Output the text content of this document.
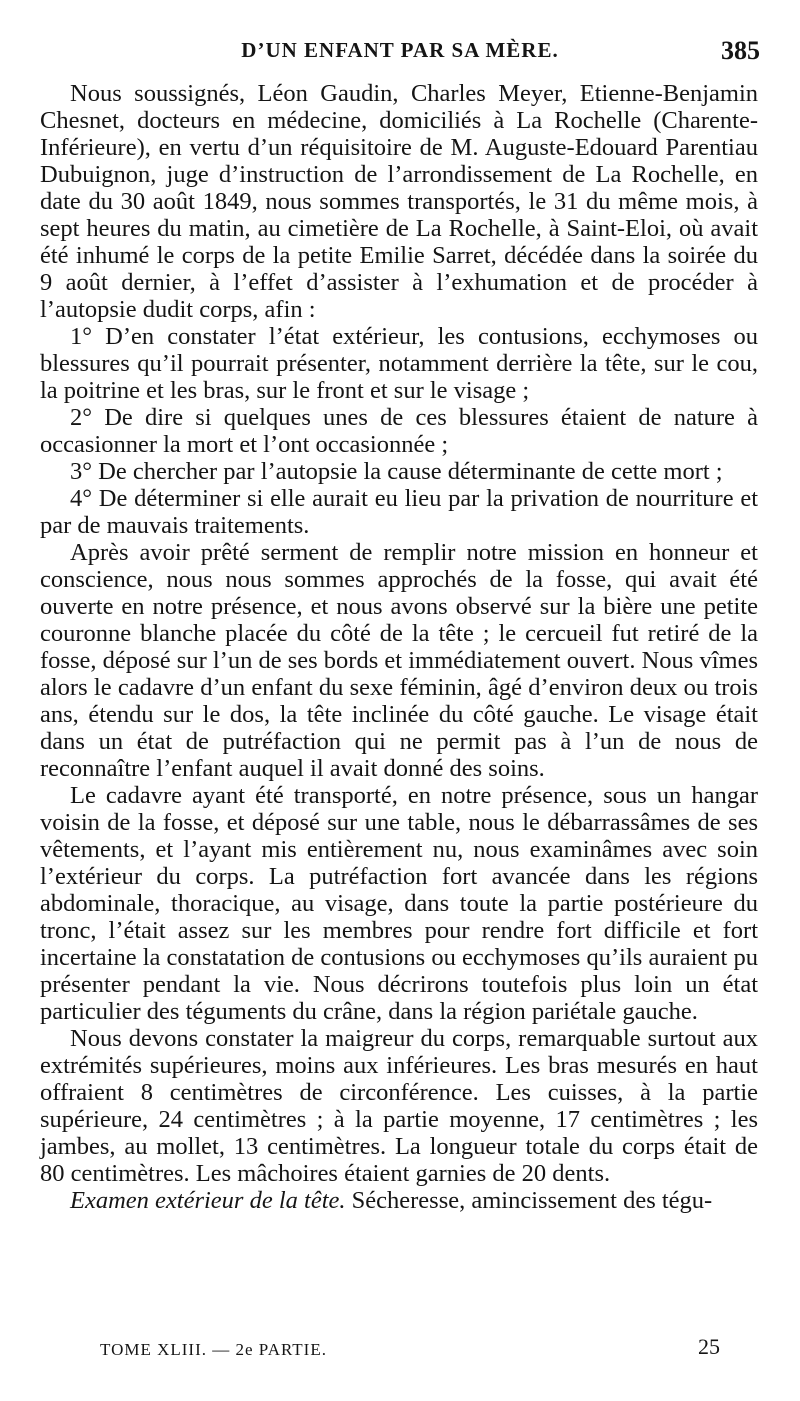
D’UN ENFANT PAR SA MÈRE.	385

Nous soussignés, Léon Gaudin, Charles Meyer, Etienne-Benjamin Chesnet, docteurs en médecine, domiciliés à La Rochelle (Charente-Inférieure), en vertu d’un réquisitoire de M. Auguste-Edouard Parentiau Dubuignon, juge d’instruction de l’arrondissement de La Rochelle, en date du 30 août 1849, nous sommes transportés, le 31 du même mois, à sept heures du matin, au cimetière de La Rochelle, à Saint-Eloi, où avait été inhumé le corps de la petite Emilie Sarret, décédée dans la soirée du 9 août dernier, à l’effet d’assister à l’exhumation et de procéder à l’autopsie dudit corps, afin :

1° D’en constater l’état extérieur, les contusions, ecchymoses ou blessures qu’il pourrait présenter, notamment derrière la tête, sur le cou, la poitrine et les bras, sur le front et sur le visage ;

2° De dire si quelques unes de ces blessures étaient de nature à occasionner la mort et l’ont occasionnée ;

3° De chercher par l’autopsie la cause déterminante de cette mort ;

4° De déterminer si elle aurait eu lieu par la privation de nourriture et par de mauvais traitements.

Après avoir prêté serment de remplir notre mission en honneur et conscience, nous nous sommes approchés de la fosse, qui avait été ouverte en notre présence, et nous avons observé sur la bière une petite couronne blanche placée du côté de la tête ; le cercueil fut retiré de la fosse, déposé sur l’un de ses bords et immédiatement ouvert. Nous vîmes alors le cadavre d’un enfant du sexe féminin, âgé d’environ deux ou trois ans, étendu sur le dos, la tête inclinée du côté gauche. Le visage était dans un état de putréfaction qui ne permit pas à l’un de nous de reconnaître l’enfant auquel il avait donné des soins.

Le cadavre ayant été transporté, en notre présence, sous un hangar voisin de la fosse, et déposé sur une table, nous le débarrassâmes de ses vêtements, et l’ayant mis entièrement nu, nous examinâmes avec soin l’extérieur du corps. La putréfaction fort avancée dans les régions abdominale, thoracique, au visage, dans toute la partie postérieure du tronc, l’était assez sur les membres pour rendre fort difficile et fort incertaine la constatation de contusions ou ecchymoses qu’ils auraient pu présenter pendant la vie. Nous décrirons toutefois plus loin un état particulier des téguments du crâne, dans la région pariétale gauche.

Nous devons constater la maigreur du corps, remarquable surtout aux extrémités supérieures, moins aux inférieures. Les bras mesurés en haut offraient 8 centimètres de circonférence. Les cuisses, à la partie supérieure, 24 centimètres ; à la partie moyenne, 17 centimètres ; les jambes, au mollet, 13 centimètres. La longueur totale du corps était de 80 centimètres. Les mâchoires étaient garnies de 20 dents.

Examen extérieur de la tête. Sécheresse, amincissement des tégu-

TOME XLIII. — 2e PARTIE.	25
